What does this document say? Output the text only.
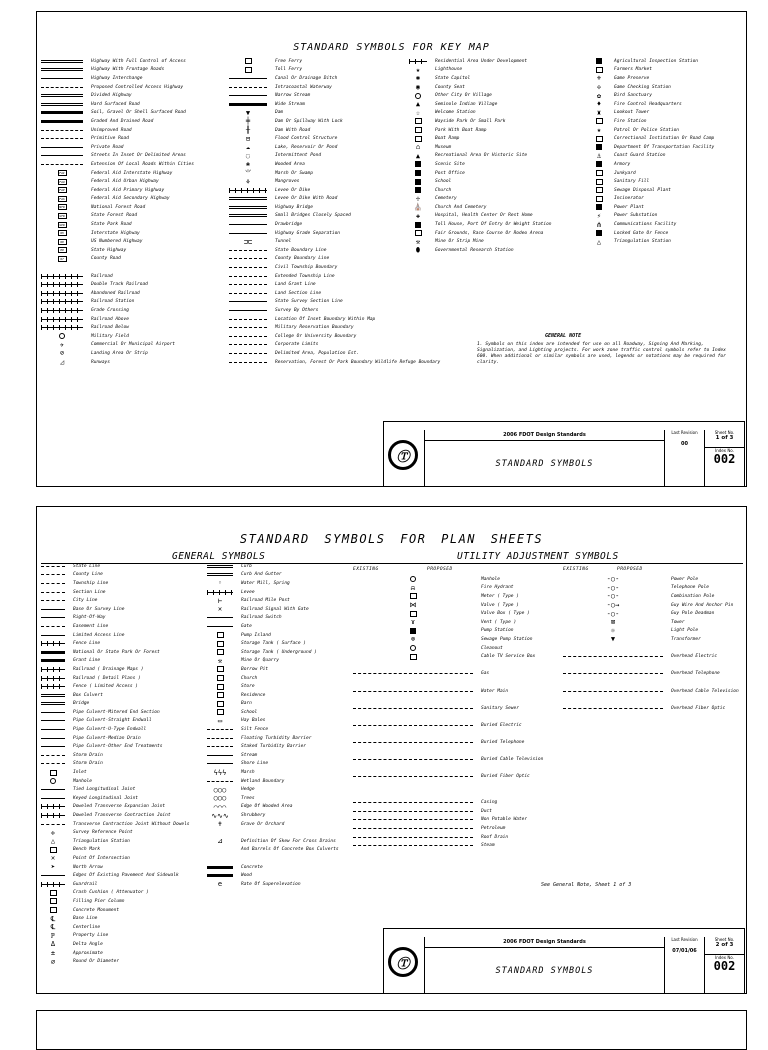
STANDARD SYMBOLS FOR KEY MAP
Highway With Full Control of Access
Highway With Frontage Roads
Highway Interchange
Proposed Controlled Access Highway
Divided Highway
Hard Surfaced Road
Soil, Gravel Or Shell Surfaced Road
Graded And Drained Road
Unimproved Road
Primitive Road
Private Road
Streets In Inset Or Delimited Areas
Extension Of Local Roads Within Cities
FAI	Federal Aid Interstate Highway
FAU	Federal Aid Urban Highway
FAP	Federal Aid Primary Highway
FAS	Federal Aid Secondary Highway
NFR	National Forest Road
SFR	State Forest Road
SPR	State Park Road
95	Interstate Highway
98	US Numbered Highway
80	State Highway
97	County Road
Railroad
Double Track Railroad
Abandoned Railroad
Railroad Station
Grade Crossing
Railroad Above
Railroad Below
Military Field
✈	Commercial Or Municipal Airport
⊘	Landing Area Or Strip
◿	Runways
Free Ferry
Toll Ferry
Canal Or Drainage Ditch
Intracoastal Waterway
Narrow Stream
Wide Stream
▼	Dam
╪	Dam Or Spillway With Lock
╫	Dam With Road
⊟	Flood Control Structure
☁	Lake, Reservoir Or Pond
◌	Intermittent Pond
❀	Wooded Area
⺌	Marsh Or Swamp
⚘	Mangroves
Levee Or Dike
Levee Or Dike With Road
Highway Bridge
Small Bridges Closely Spaced
Drawbridge
Highway Grade Separation
⊐⊏	Tunnel
State Boundary Line
County Boundary Line
Civil Township Boundary
Extended Township Line
Land Grant Line
Land Section Line
State Survey Section Line
Survey By Others
Location Of Inset Boundary Within Map
Military Reservation Boundary
College Or University Boundary
Corporate Limits
Delimited Area, Population Est.
Reservation, Forest Or Park Boundary Wildlife Refuge Boundary
Residential Area Under Development
★	Lighthouse
✱	State Capitol
◉	County Seat
Other City Or Village
▲	Seminole Indian Village
☆	Welcome Station
Wayside Park Or Small Park
Park With Boat Ramp
Boat Ramp
⌂	Museum
▲	Recreational Area Or Historic Site
Scenic Site
Post Office
School
Church
♱	Cemetery
⛪	Church And Cemetery
✚	Hospital, Health Center Or Rest Home
Toll House, Port Of Entry Or Weight Station
Fair Grounds, Race Course Or Rodeo Arena
⚒	Mine Or Strip Mine
⬮	Governmental Research Station
Agricultural Inspection Station
Farmers Market
⚜	Game Preserve
✢	Game Checking Station
✿	Bird Sanctuary
♦	Fire Control Headquarters
♜	Lookout Tower
Fire Station
★	Patrol Or Police Station
Correctional Institution Or Road Camp
Department Of Transportation Facility
⚓	Coast Guard Station
Armory
Junkyard
Sanitary Fill
Sewage Disposal Plant
Incinerator
Power Plant
⚡	Power Substation
⋔	Communications Facility
Locked Gate Or Fence
△	Triangulation Station
GENERAL NOTE
1. Symbols on this index are intended for use on all Roadway, Signing And Marking, Signalization, and Lighting projects. For work zone traffic control symbols refer to Index 600. When additional or similar symbols are used, legends or notations may be required for clarity.
Ⓣ
2006 FDOT Design Standards
STANDARD SYMBOLS
Last Revision
00
Sheet No.
1 of 3
Index No.
002
STANDARD SYMBOLS FOR PLAN SHEETS
GENERAL SYMBOLS	UTILITY ADJUSTMENT SYMBOLS
EXISTING	PROPOSED	EXISTING	PROPOSED
State Line
County Line
Township Line
Section Line
City Line
Base Or Survey Line
Right-Of-Way
Easement Line
Limited Access Line
Fence Line
National Or State Park Or Forest
Grant Line
Railroad ( Drainage Maps )
Railroad ( Detail Plans )
Fence ( Limited Access )
Box Culvert
Bridge
Pipe Culvert-Mitered End Section
Pipe Culvert-Straight Endwall
Pipe Culvert-U-Type Endwall
Pipe Culvert-Median Drain
Pipe Culvert-Other End Treatments
Storm Drain
Storm Drain
Inlet
Manhole
Tied Longitudinal Joint
Keyed Longitudinal Joint
Doweled Transverse Expansion Joint
Doweled Transverse Contraction Joint
Transverse Contraction Joint Without Dowels
✛	Survey Reference Point
△	Triangulation Station
Bench Mark
✕	Point Of Intersection
➤	North Arrow
Edges Of Existing Pavement And Sidewalk
Guardrail
Crash Cushion ( Attenuator )
Filling Pier Column
Concrete Monument
℄	Base Line
℄	Centerline
ℙ	Property Line
Δ	Delta Angle
±	Approximate
⌀	Round Or Diameter
Curb
Curb And Gutter
◦	Water Mill, Spring
Levee
⊢	Railroad Mile Post
✕	Railroad Signal With Gate
Railroad Switch
Gate
Pump Island
Storage Tank ( Surface )
Storage Tank ( Underground )
⚒	Mine Or Quarry
Borrow Pit
Church
Store
Residence
Barn
School
▭	Hay Bales
Silt Fence
Floating Turbidity Barrier
Staked Turbidity Barrier
Stream
Shore Line
ϟϟϟ	Marsh
Wetland Boundary
○○○	Hedge
○○○	Trees
⌒⌒⌒	Edge Of Wooded Area
∿∿∿	Shrubbery
✝	Grave Or Orchard
⊿	Definition Of Skew For Cross Drains
And Barrels Of Concrete Box Culverts
Concrete
Wood
e	Rate Of Superelevation
Manhole
⍾	Fire Hydrant
Meter ( Type )
⋈	Valve ( Type )
Valve Box ( Type )
ɤ	Vent ( Type )
Pump Station
⊗	Sewage Pump Station
Cleanout
Cable TV Service Box
Gas
Water Main
Sanitary Sewer
Buried Electric
Buried Telephone
Buried Cable Television
Buried Fiber Optic
Casing
Duct
Non Potable Water
Petroleum
Roof Drain
Steam
-○-	Power Pole
-○-	Telephone Pole
-○-	Combination Pole
-○→	Guy Wire And Anchor Pin
-○-	Guy Pole Deadman
⊠	Tower
☼	Light Pole
▼	Transformer
Overhead Electric
Overhead Telephone
Overhead Cable Television
Overhead Fiber Optic
See General Note, Sheet 1 of 3
Ⓣ
2006 FDOT Design Standards
STANDARD SYMBOLS
Last Revision
07/01/06
Sheet No.
2 of 3
Index No.
002
